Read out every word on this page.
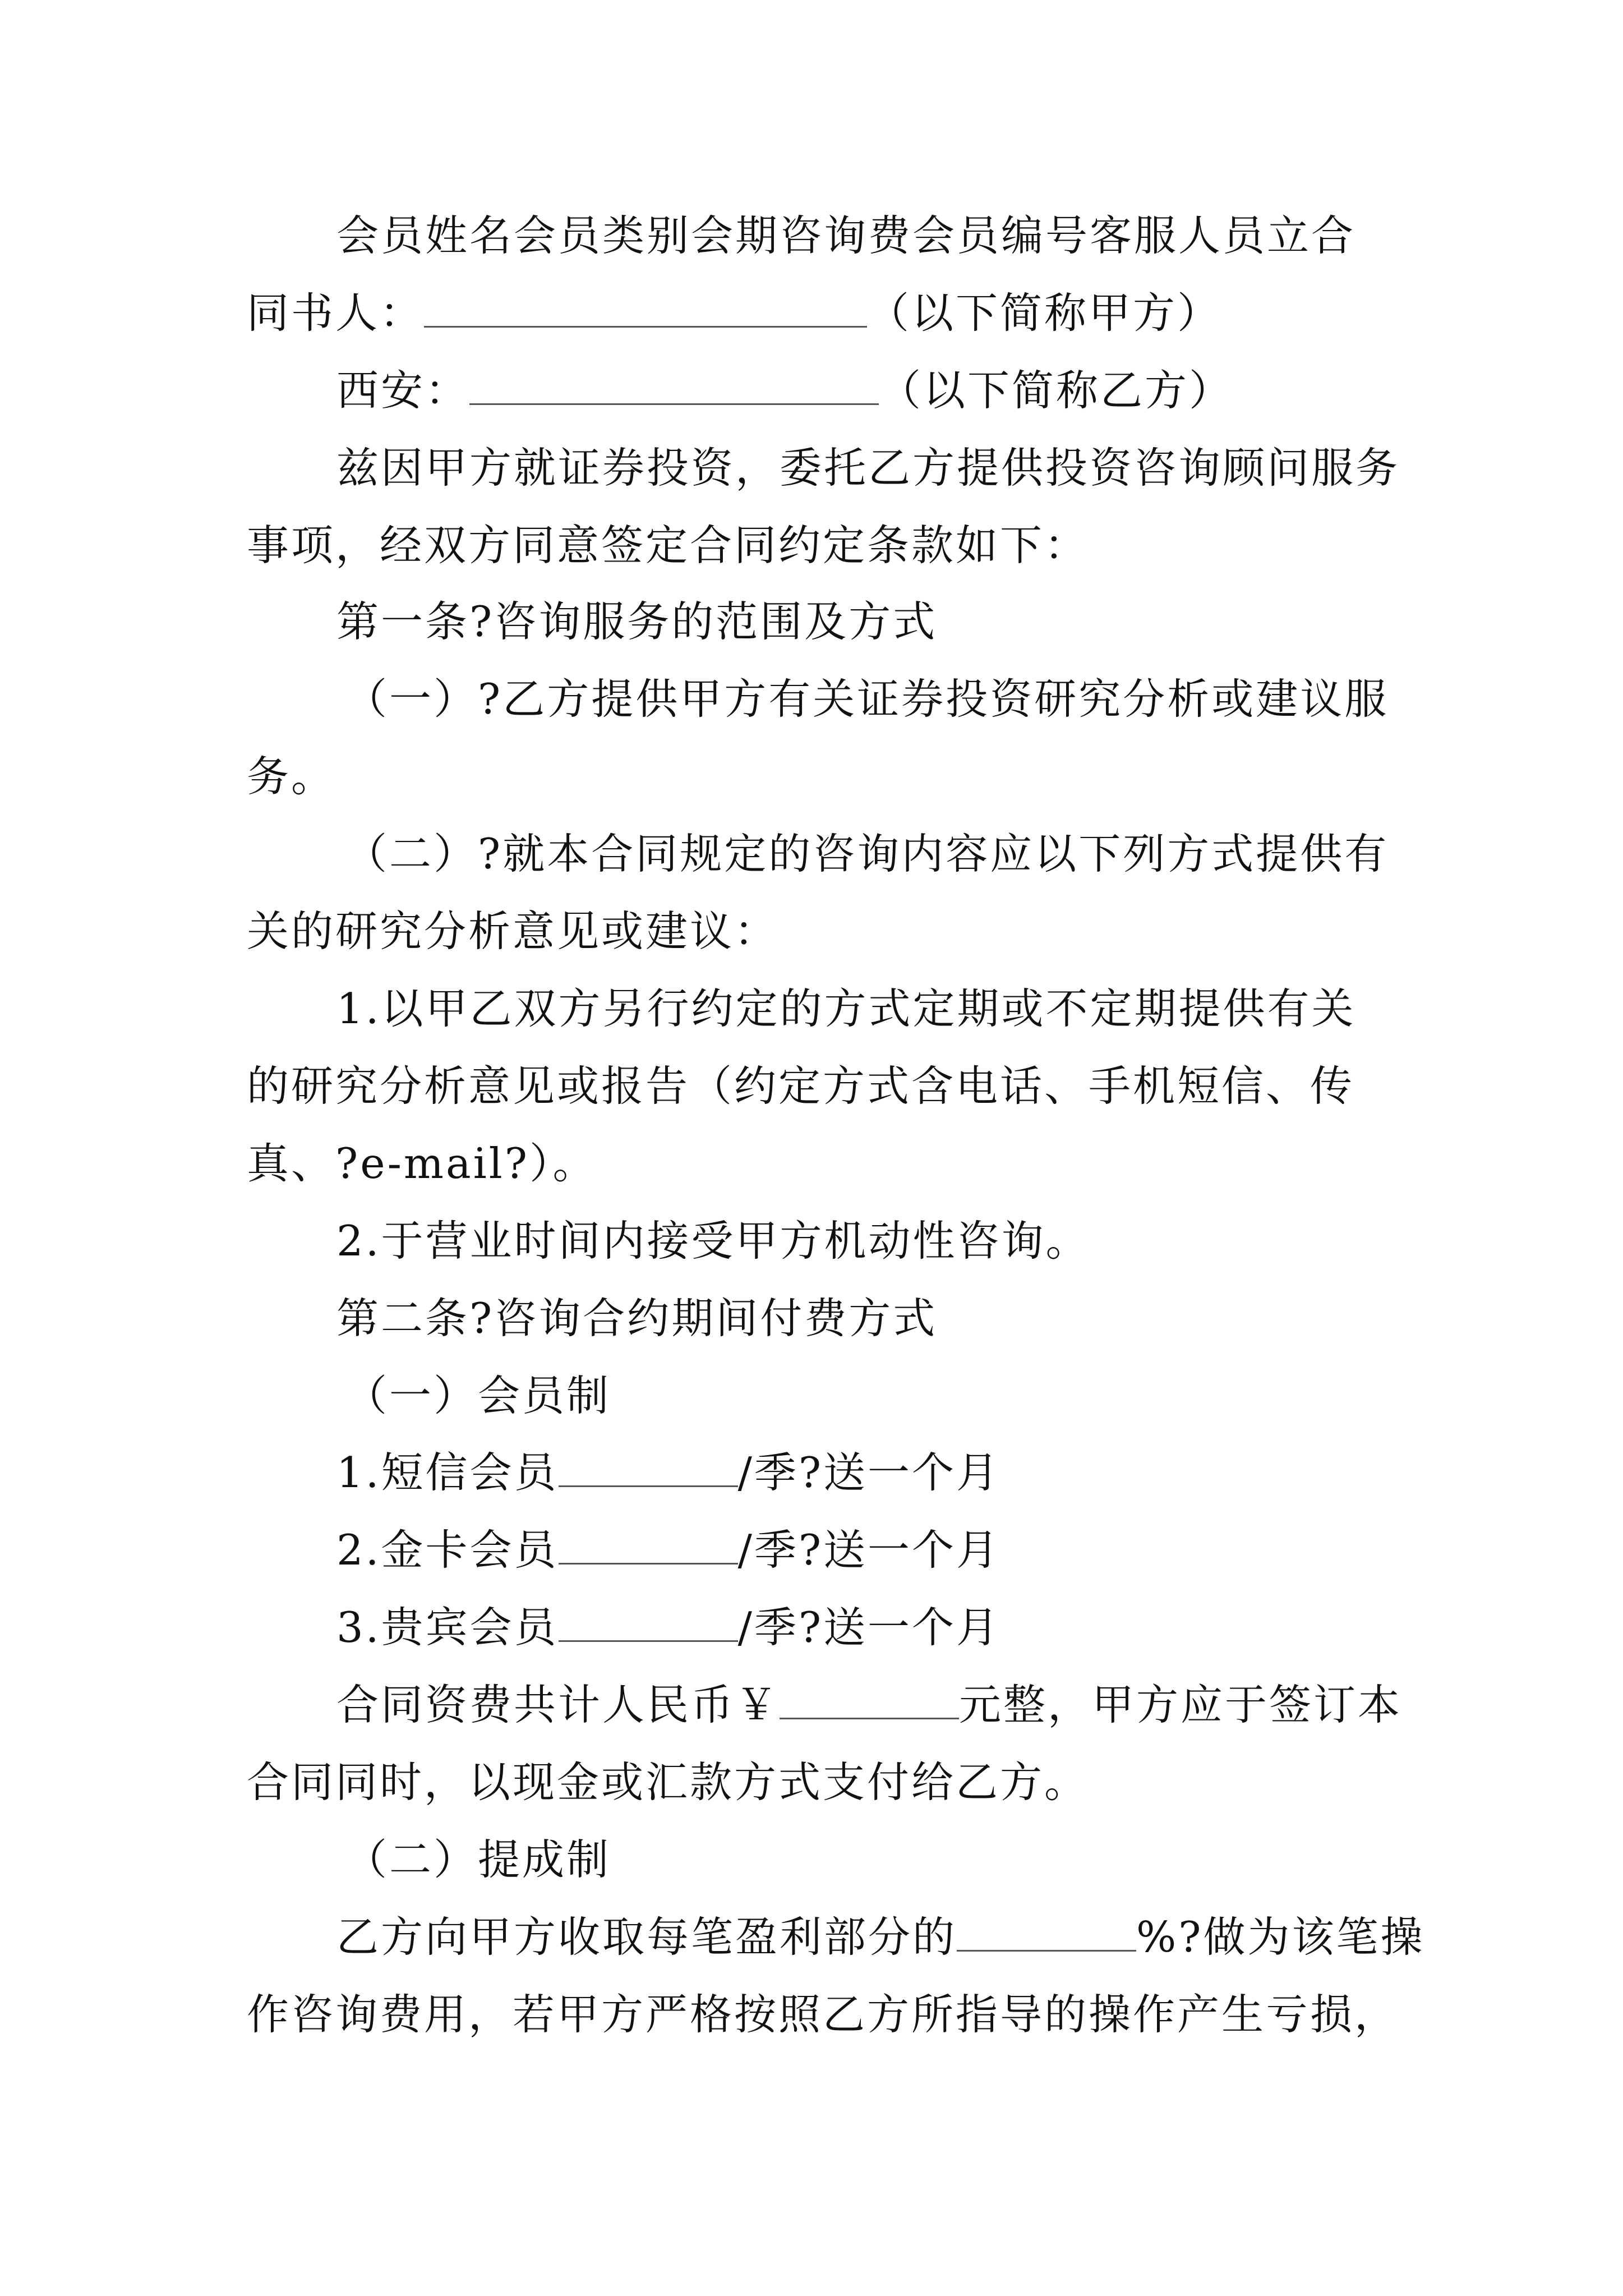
会员姓名会员类别会期咨询费会员编号客服人员立合
同书人：	（以下简称甲方）
西安：	（以下简称乙方）
兹因甲方就证券投资，委托乙方提供投资咨询顾问服务
事项，经双方同意签定合同约定条款如下：
第一条?咨询服务的范围及方式
（一）?乙方提供甲方有关证券投资研究分析或建议服
务。
（二）?就本合同规定的咨询内容应以下列方式提供有
关的研究分析意见或建议：
1.以甲乙双方另行约定的方式定期或不定期提供有关
的研究分析意见或报告（约定方式含电话、手机短信、传
真、?e-mail?）。
2.于营业时间内接受甲方机动性咨询。
第二条?咨询合约期间付费方式
（一）会员制
1.短信会员	/季?送一个月
2.金卡会员	/季?送一个月
3.贵宾会员	/季?送一个月
合同资费共计人民币￥	元整，甲方应于签订本
合同同时，以现金或汇款方式支付给乙方。
（二）提成制
乙方向甲方收取每笔盈利部分的	%?做为该笔操
作咨询费用，若甲方严格按照乙方所指导的操作产生亏损，
